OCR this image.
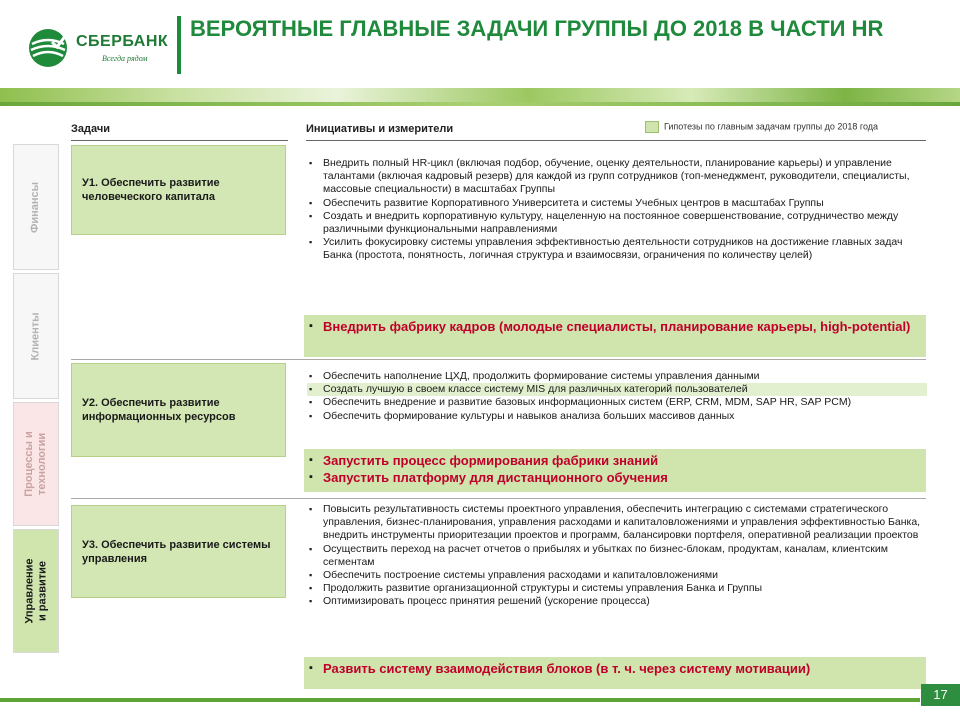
СБЕРБАНК
Всегда рядом
ВЕРОЯТНЫЕ ГЛАВНЫЕ ЗАДАЧИ ГРУППЫ ДО 2018 В ЧАСТИ HR
Задачи	Инициативы и измерители	Гипотезы по главным задачам группы до 2018 года
Финансы
Клиенты
Процессы и технологии
Управление и развитие
У1. Обеспечить развитие человеческого капитала
У2. Обеспечить развитие информационных ресурсов
У3. Обеспечить развитие системы управления
▪ Внедрить полный HR-цикл (включая подбор, обучение, оценку деятельности, планирование карьеры) и управление талантами (включая кадровый резерв) для каждой из групп сотрудников (топ-менеджмент, руководители, специалисты, массовые специальности) в масштабах Группы
▪ Обеспечить развитие Корпоративного Университета и системы Учебных центров в масштабах Группы
▪ Создать и внедрить корпоративную культуру, нацеленную на постоянное совершенствование, сотрудничество между различными функциональными направлениями
▪ Усилить фокусировку системы управления эффективностью деятельности сотрудников на достижение главных задач Банка (простота, понятность, логичная структура и взаимосвязи, ограничения по количеству целей)
▪ Внедрить фабрику кадров (молодые специалисты, планирование карьеры, high-potential)
▪ Обеспечить наполнение ЦХД, продолжить формирование системы управления данными
▪ Создать лучшую в своем классе систему MIS для различных категорий пользователей
▪ Обеспечить внедрение и развитие базовых информационных систем (ERP, CRM, MDM, SAP HR, SAP PCM)
▪ Обеспечить формирование культуры и навыков анализа больших массивов данных
▪ Запустить процесс формирования фабрики знаний
▪ Запустить платформу для дистанционного обучения
▪ Повысить результативность системы проектного управления, обеспечить интеграцию с системами стратегического управления, бизнес-планирования, управления расходами и капиталовложениями и управления эффективностью Банка, внедрить инструменты приоритезации проектов и программ, балансировки портфеля, оперативной реализации проектов
▪ Осуществить переход на расчет отчетов о прибылях и убытках по бизнес-блокам, продуктам, каналам, клиентским сегментам
▪ Обеспечить построение системы управления расходами и капиталовложениями
▪ Продолжить развитие организационной структуры и системы управления Банка и Группы
▪ Оптимизировать процесс принятия решений (ускорение процесса)
▪ Развить систему взаимодействия блоков (в т. ч. через систему мотивации)
17
